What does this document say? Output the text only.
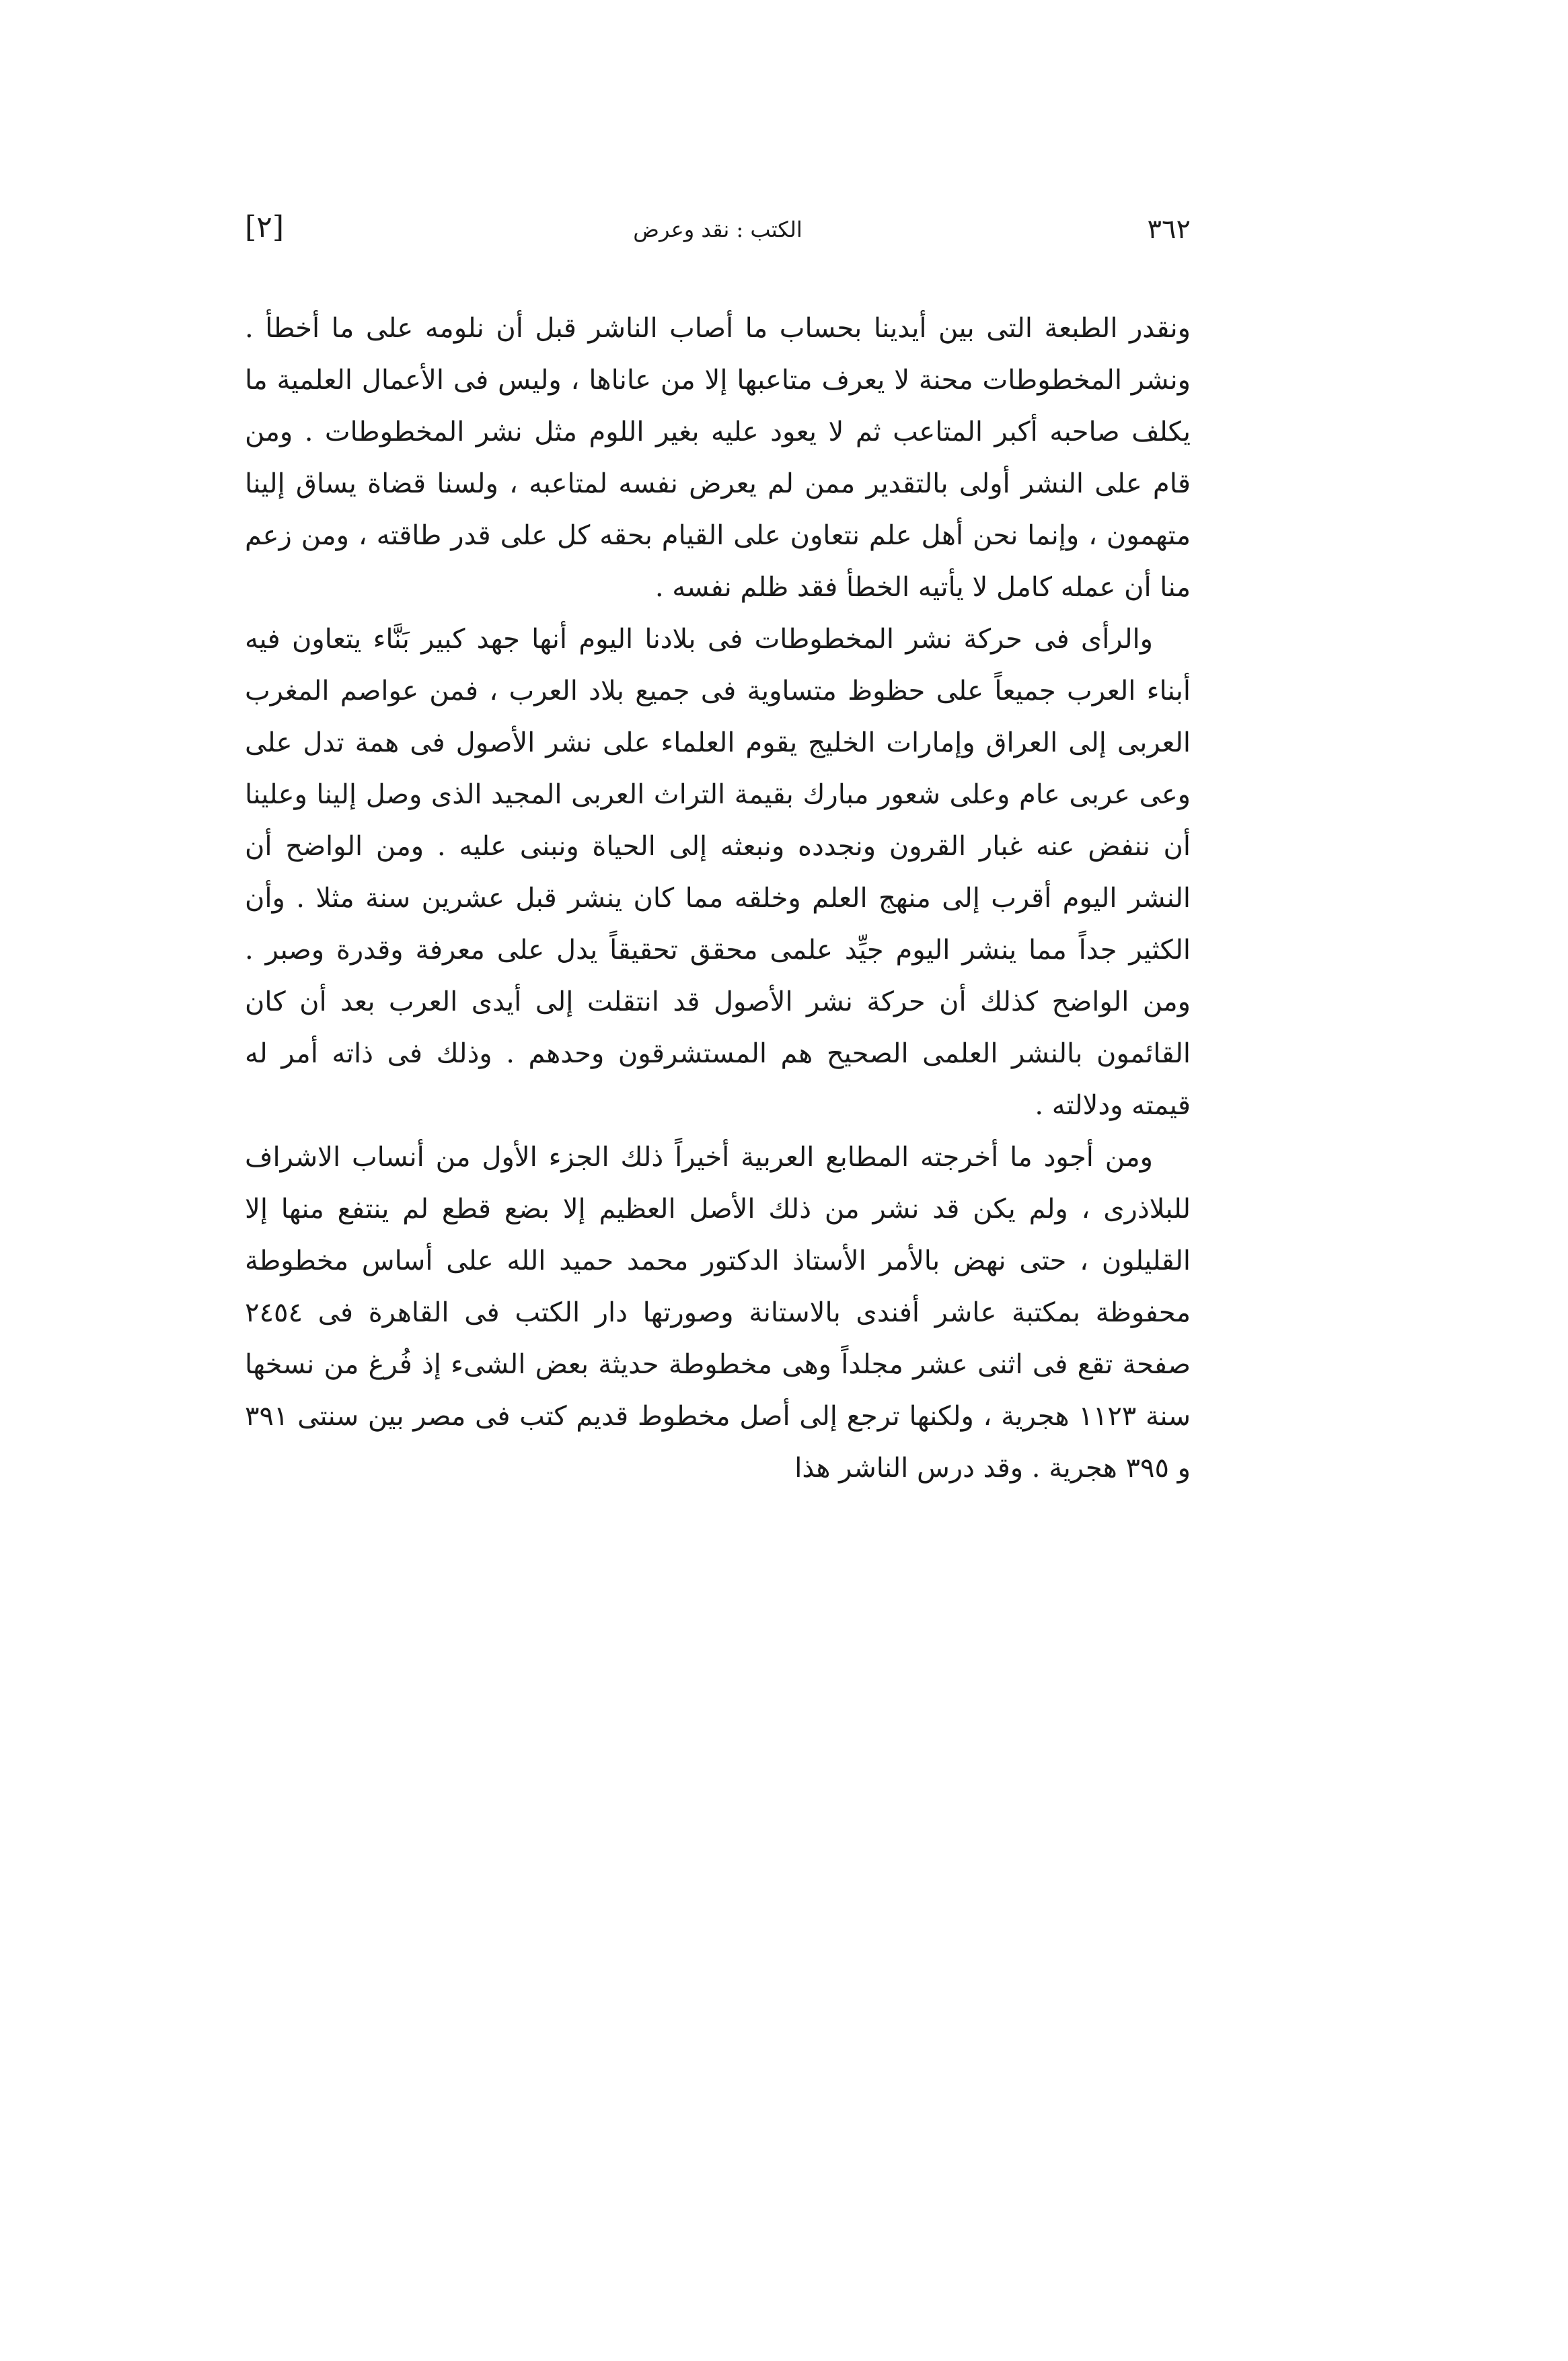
٣٦٢
الكتب : نقد وعرض
[٢]

ونقدر الطبعة التى بين أيدينا بحساب ما أصاب الناشر قبل أن نلومه على ما أخطأ . ونشر المخطوطات محنة لا يعرف متاعبها إلا من عاناها ، وليس فى الأعمال العلمية ما يكلف صاحبه أكبر المتاعب ثم لا يعود عليه بغير اللوم مثل نشر المخطوطات . ومن قام على النشر أولى بالتقدير ممن لم يعرض نفسه لمتاعبه ، ولسنا قضاة يساق إلينا متهمون ، وإنما نحن أهل علم نتعاون على القيام بحقه كل على قدر طاقته ، ومن زعم منا أن عمله كامل لا يأتيه الخطأ فقد ظلم نفسه .

والرأى فى حركة نشر المخطوطات فى بلادنا اليوم أنها جهد كبير بَنَّاء يتعاون فيه أبناء العرب جميعاً على حظوظ متساوية فى جميع بلاد العرب ، فمن عواصم المغرب العربى إلى العراق وإمارات الخليج يقوم العلماء على نشر الأصول فى همة تدل على وعى عربى عام وعلى شعور مبارك بقيمة التراث العربى المجيد الذى وصل إلينا وعلينا أن ننفض عنه غبار القرون ونجدده ونبعثه إلى الحياة ونبنى عليه . ومن الواضح أن النشر اليوم أقرب إلى منهج العلم وخلقه مما كان ينشر قبل عشرين سنة مثلا . وأن الكثير جداً مما ينشر اليوم جيِّد علمى محقق تحقيقاً يدل على معرفة وقدرة وصبر . ومن الواضح كذلك أن حركة نشر الأصول قد انتقلت إلى أيدى العرب بعد أن كان القائمون بالنشر العلمى الصحيح هم المستشرقون وحدهم . وذلك فى ذاته أمر له قيمته ودلالته .

ومن أجود ما أخرجته المطابع العربية أخيراً ذلك الجزء الأول من أنساب الاشراف للبلاذرى ، ولم يكن قد نشر من ذلك الأصل العظيم إلا بضع قطع لم ينتفع منها إلا القليلون ، حتى نهض بالأمر الأستاذ الدكتور محمد حميد الله على أساس مخطوطة محفوظة بمكتبة عاشر أفندى بالاستانة وصورتها دار الكتب فى القاهرة فى ٢٤٥٤ صفحة تقع فى اثنى عشر مجلداً وهى مخطوطة حديثة بعض الشىء إذ فُرغ من نسخها سنة ١١٢٣ هجرية ، ولكنها ترجع إلى أصل مخطوط قديم كتب فى مصر بين سنتى ٣٩١ و ٣٩٥ هجرية . وقد درس الناشر هذا
